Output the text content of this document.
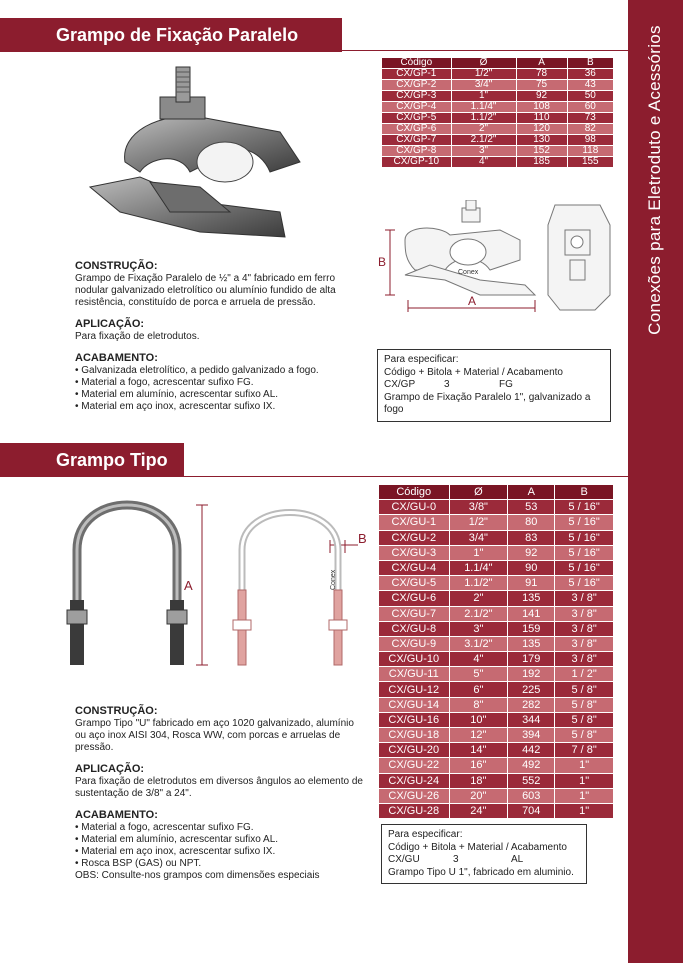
Conexões para Eletroduto e Acessórios
Grampo de Fixação Paralelo
Código	Ø	A	B
CX/GP-1	1/2"	78	36
CX/GP-2	3/4"	75	43
CX/GP-3	1"	92	50
CX/GP-4	1.1/4"	108	60
CX/GP-5	1.1/2"	110	73
CX/GP-6	2"	120	82
CX/GP-7	2.1/2"	130	98
CX/GP-8	3"	152	118
CX/GP-10	4"	185	155
B
A
Conex
CONSTRUÇÃO:

Grampo de Fixação Paralelo de ½" a 4" fabricado em ferro nodular galvanizado eletrolítico ou alumínio fundido de alta resistência, constituído de porca e arruela de pressão.

APLICAÇÃO:

Para fixação de eletrodutos.

ACABAMENTO:
• Galvanizada eletrolítico, a pedido galvanizado a fogo.
• Material a fogo, acrescentar sufixo FG.
• Material em alumínio, acrescentar sufixo AL.
• Material em aço inox, acrescentar sufixo IX.
Para especificar:
Código + Bitola + Material / Acabamento
CX/GP	3	FG
Grampo de Fixação Paralelo 1", galvanizado a fogo
Grampo Tipo U
A
B
Conex
Código	Ø	A	B
CX/GU-0	3/8"	53	5 / 16"
CX/GU-1	1/2"	80	5 / 16"
CX/GU-2	3/4"	83	5 / 16"
CX/GU-3	1"	92	5 / 16"
CX/GU-4	1.1/4"	90	5 / 16"
CX/GU-5	1.1/2"	91	5 / 16"
CX/GU-6	2"	135	3 / 8"
CX/GU-7	2.1/2"	141	3 / 8"
CX/GU-8	3"	159	3 / 8"
CX/GU-9	3.1/2"	135	3 / 8"
CX/GU-10	4"	179	3 / 8"
CX/GU-11	5"	192	1 / 2"
CX/GU-12	6"	225	5 / 8"
CX/GU-14	8"	282	5 / 8"
CX/GU-16	10"	344	5 / 8"
CX/GU-18	12"	394	5 / 8"
CX/GU-20	14"	442	7 / 8"
CX/GU-22	16"	492	1"
CX/GU-24	18"	552	1"
CX/GU-26	20"	603	1"
CX/GU-28	24"	704	1"
CONSTRUÇÃO:

Grampo Tipo "U" fabricado em aço 1020 galvanizado, alumínio ou aço inox AISI 304, Rosca WW, com porcas e arruelas de pressão.

APLICAÇÃO:

Para fixação de eletrodutos em diversos ângulos ao elemento de sustentação de 3/8" a 24".

ACABAMENTO:
• Material a fogo, acrescentar sufixo FG.
• Material em alumínio, acrescentar sufixo AL.
• Material em aço inox, acrescentar sufixo IX.
• Rosca BSP (GAS) ou NPT.
OBS: Consulte-nos grampos com dimensões especiais
Para especificar:
Código + Bitola + Material / Acabamento
CX/GU	3	AL
Grampo Tipo U 1", fabricado em aluminio.
